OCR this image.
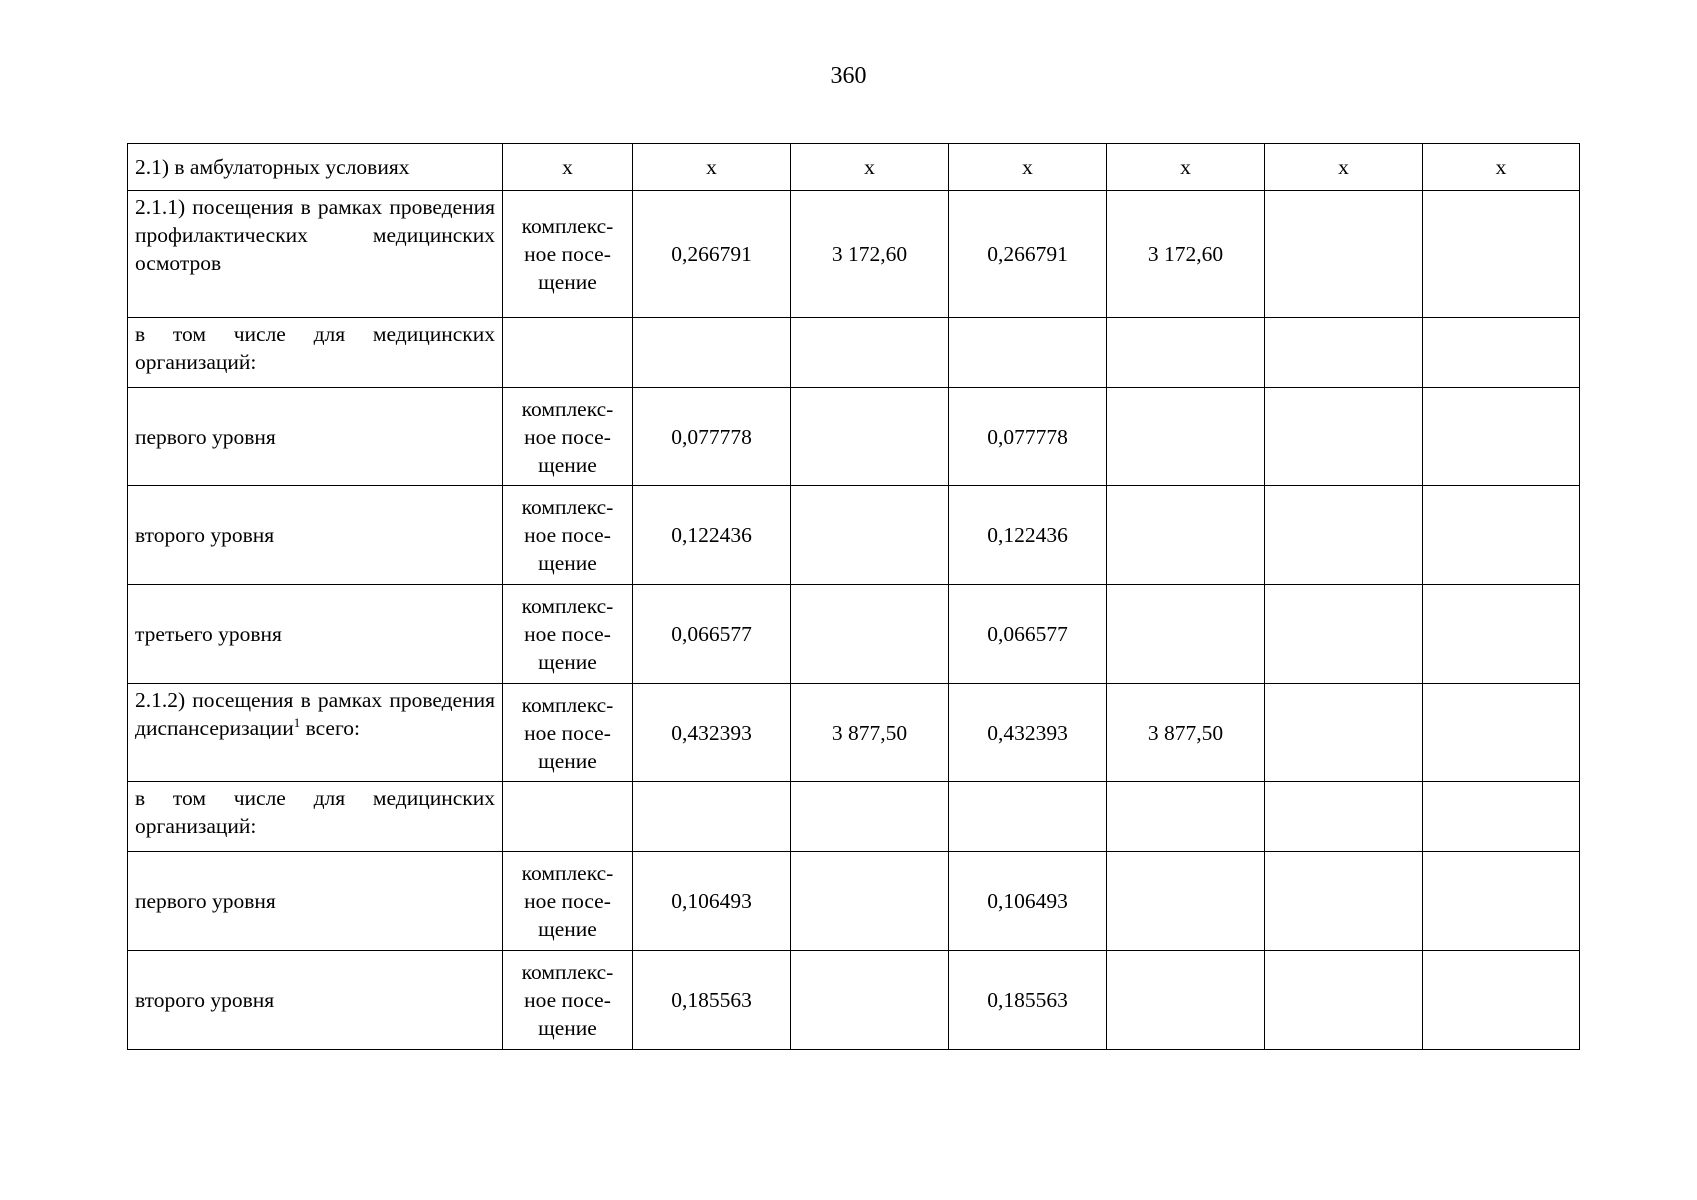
360
2.1) в амбулаторных условиях	х	х	х	х	х	х	х
2.1.1) посещения в рамках проведения профилактических медицинских осмотров	комплекс-
ное посе-
щение	0,266791	3 172,60	0,266791	3 172,60		
в том числе для медицинских организаций:							
первого уровня	комплекс-
ное посе-
щение	0,077778		0,077778			
второго уровня	комплекс-
ное посе-
щение	0,122436		0,122436			
третьего уровня	комплекс-
ное посе-
щение	0,066577		0,066577			
2.1.2) посещения в рамках проведения диспансеризации$^1$ всего:	комплекс-
ное посе-
щение	0,432393	3 877,50	0,432393	3 877,50		
в том числе для медицинских организаций:							
первого уровня	комплекс-
ное посе-
щение	0,106493		0,106493			
второго уровня	комплекс-
ное посе-
щение	0,185563		0,185563			
